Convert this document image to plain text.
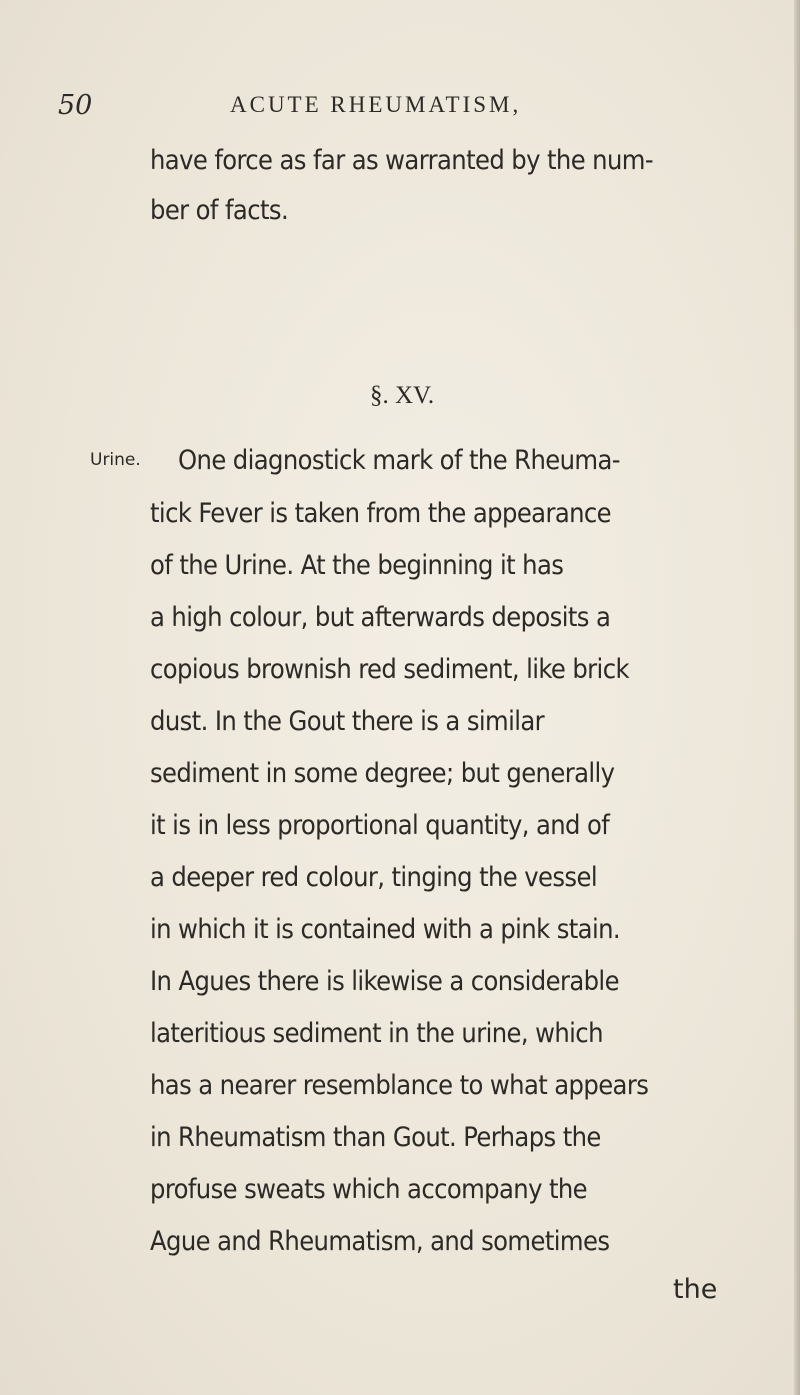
50	ACUTE RHEUMATISM,
have force as far as warranted by the num-
ber of facts.
§. XV.
Urine. One diagnostick mark of the Rheuma-
tick Fever is taken from the appearance
of the Urine. At the beginning it has
a high colour, but afterwards deposits a
copious brownish red sediment, like brick
dust. In the Gout there is a similar
sediment in some degree; but generally
it is in less proportional quantity, and of
a deeper red colour, tinging the vessel
in which it is contained with a pink stain.
In Agues there is likewise a considerable
lateritious sediment in the urine, which
has a nearer resemblance to what appears
in Rheumatism than Gout. Perhaps the
profuse sweats which accompany the
Ague and Rheumatism, and sometimes
the
